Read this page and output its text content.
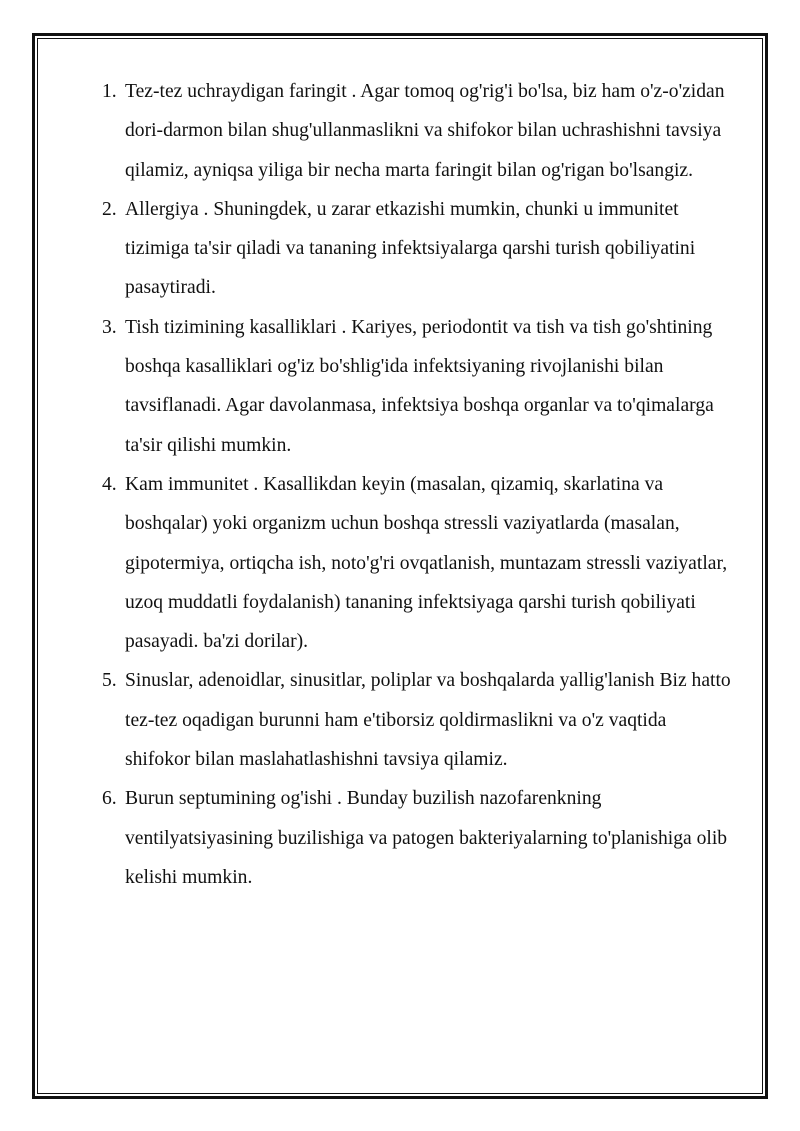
1. Tez-tez uchraydigan faringit . Agar tomoq og'rig'i bo'lsa, biz ham o'z-o'zidan dori-darmon bilan shug'ullanmaslikni va shifokor bilan uchrashishni tavsiya qilamiz, ayniqsa yiliga bir necha marta faringit bilan og'rigan bo'lsangiz.
2. Allergiya . Shuningdek, u zarar etkazishi mumkin, chunki u immunitet tizimiga ta'sir qiladi va tananing infektsiyalarga qarshi turish qobiliyatini pasaytiradi.
3. Tish tizimining kasalliklari . Kariyes, periodontit va tish va tish go'shtining boshqa kasalliklari og'iz bo'shlig'ida infektsiyaning rivojlanishi bilan tavsiflanadi. Agar davolanmasa, infektsiya boshqa organlar va to'qimalarga ta'sir qilishi mumkin.
4. Kam immunitet . Kasallikdan keyin (masalan, qizamiq, skarlatina va boshqalar) yoki organizm uchun boshqa stressli vaziyatlarda (masalan, gipotermiya, ortiqcha ish, noto'g'ri ovqatlanish, muntazam stressli vaziyatlar, uzoq muddatli foydalanish) tananing infektsiyaga qarshi turish qobiliyati pasayadi. ba'zi dorilar).
5. Sinuslar, adenoidlar, sinusitlar, poliplar va boshqalarda yallig'lanish Biz hatto tez-tez oqadigan burunni ham e'tiborsiz qoldirmaslikni va o'z vaqtida shifokor bilan maslahatlashishni tavsiya qilamiz.
6. Burun septumining og'ishi . Bunday buzilish nazofarenkning ventilyatsiyasining buzilishiga va patogen bakteriyalarning to'planishiga olib kelishi mumkin.
